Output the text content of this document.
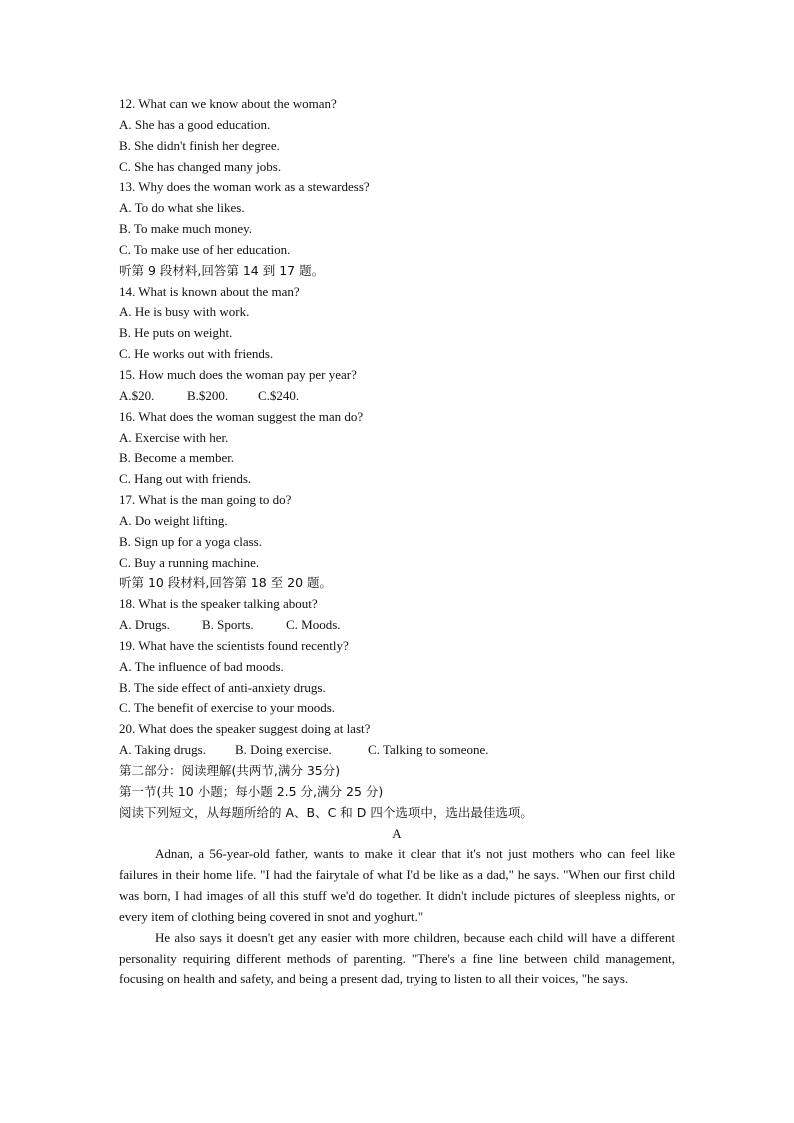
12. What can we know about the woman?
A. She has a good education.
B. She didn't finish her degree.
C. She has changed many jobs.
13. Why does the woman work as a stewardess?
A. To do what she likes.
B. To make much money.
C. To make use of her education.
听第 9 段材料,回答第 14 到 17 题。
14. What is known about the man?
A. He is busy with work.
B. He puts on weight.
C. He works out with friends.
15. How much does the woman pay per year?
A.$20.	B.$200. C.$240.
16. What does the woman suggest the man do?
A. Exercise with her.
B. Become a member.
C. Hang out with friends.
17. What is the man going to do?
A. Do weight lifting.
B. Sign up for a yoga class.
C. Buy a running machine.
听第 10 段材料,回答第 18 至 20 题。
18. What is the speaker talking about?
A. Drugs. B. Sports. C. Moods.
19. What have the scientists found recently?
A. The influence of bad moods.
B. The side effect of anti-anxiety drugs.
C. The benefit of exercise to your moods.
20. What does the speaker suggest doing at last?
A. Taking drugs. B. Doing exercise.	C. Talking to someone.
第二部分：阅读理解(共两节,满分 35分)
第一节(共 10 小题；每小题 2.5 分,满分 25 分)
阅读下列短文，从每题所给的 A、B、C 和 D 四个选项中，选出最佳选项。
A

Adnan, a 56-year-old father, wants to make it clear that it's not just mothers who can feel like failures in their home life. "I had the fairytale of what I'd be like as a dad," he says. "When our first child was born, I had images of all this stuff we'd do together. It didn't include pictures of sleepless nights, or every item of clothing being covered in snot and yoghurt."

He also says it doesn't get any easier with more children, because each child will have a different personality requiring different methods of parenting. "There's a fine line between child management, focusing on health and safety, and being a present dad, trying to listen to all their voices, "he says.
